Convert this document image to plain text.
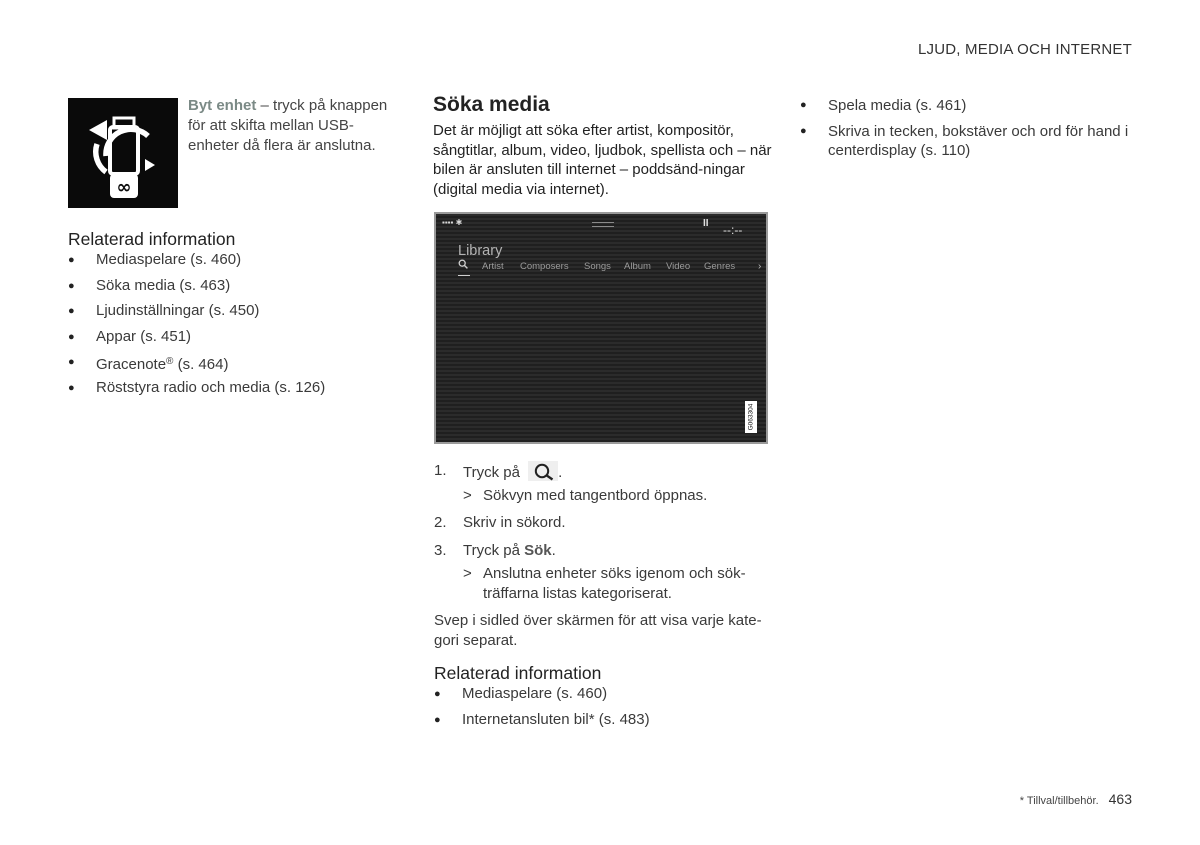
LJUD, MEDIA OCH INTERNET
∞
Byt enhet – tryck på knappen för att skifta mellan USB-enheter då flera är anslutna.
Relaterad information
● Mediaspelare (s. 460)
● Söka media (s. 463)
● Ljudinställningar (s. 450)
● Appar (s. 451)
● Gracenote® (s. 464)
● Röststyra radio och media (s. 126)
Söka media
Det är möjligt att söka efter artist, kompositör, sångtitlar, album, video, ljudbok, spellista och – när bilen är ansluten till internet – poddsänd-ningar (digital media via internet).
▪▪▪▪ ✱	II --:--
Library
Artist Composers Songs Album Video Genres ›
G063304
1. Tryck på
.
> Sökvyn med tangentbord öppnas.
2. Skriv in sökord.
3. Tryck på Sök.
> Anslutna enheter söks igenom och sök-träffarna listas kategoriserat.
Svep i sidled över skärmen för att visa varje kate-gori separat.
Relaterad information
● Mediaspelare (s. 460)
● Internetansluten bil* (s. 483)
● Spela media (s. 461)
● Skriva in tecken, bokstäver och ord för hand i centerdisplay (s. 110)
* Tillval/tillbehör. 463
